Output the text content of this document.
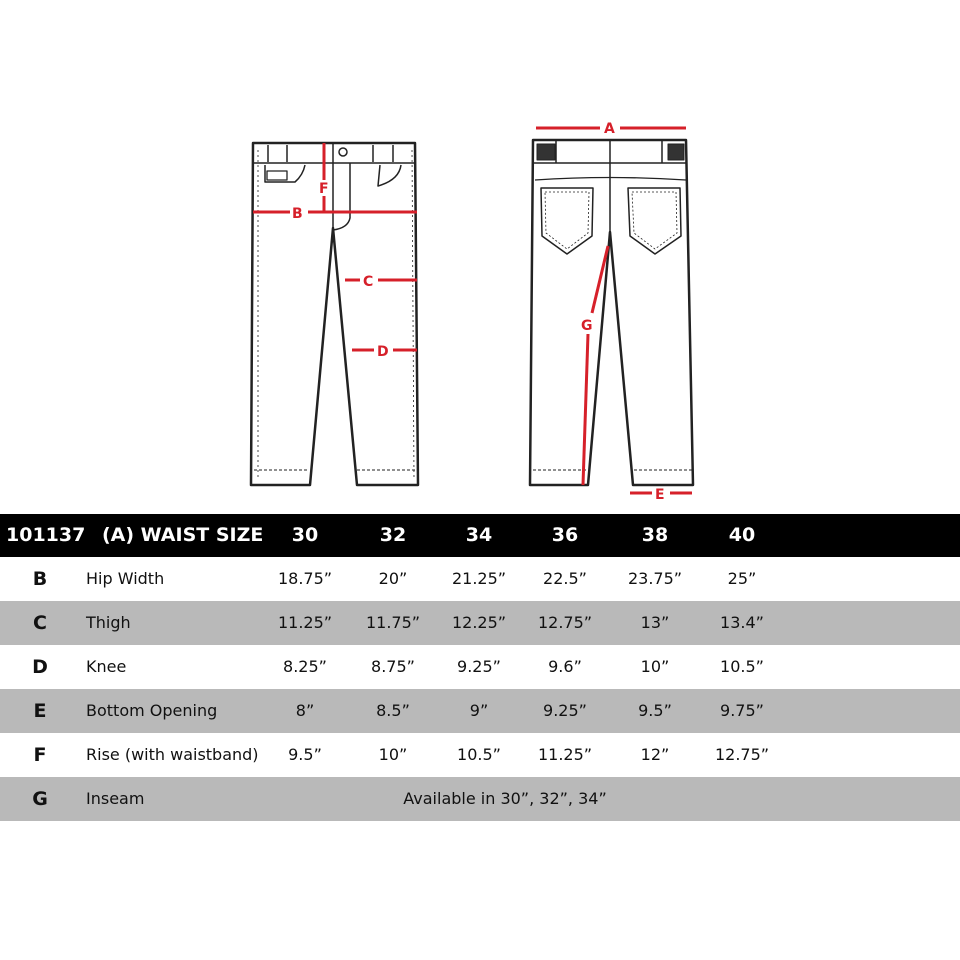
B
F
C
D
A
G
E
101137 (A) WAIST SIZE	30	32	34	36	38	40
B	Hip Width	18.75”	20”	21.25”	22.5”	23.75”	25”
C	Thigh	11.25”	11.75”	12.25”	12.75”	13”	13.4”
D	Knee	8.25”	8.75”	9.25”	9.6”	10”	10.5”
E	Bottom Opening	8”	8.5”	9”	9.25”	9.5”	9.75”
F	Rise (with waistband)	9.5”	10”	10.5”	11.25”	12”	12.75”
G	Inseam	Available in 30”, 32”, 34”
